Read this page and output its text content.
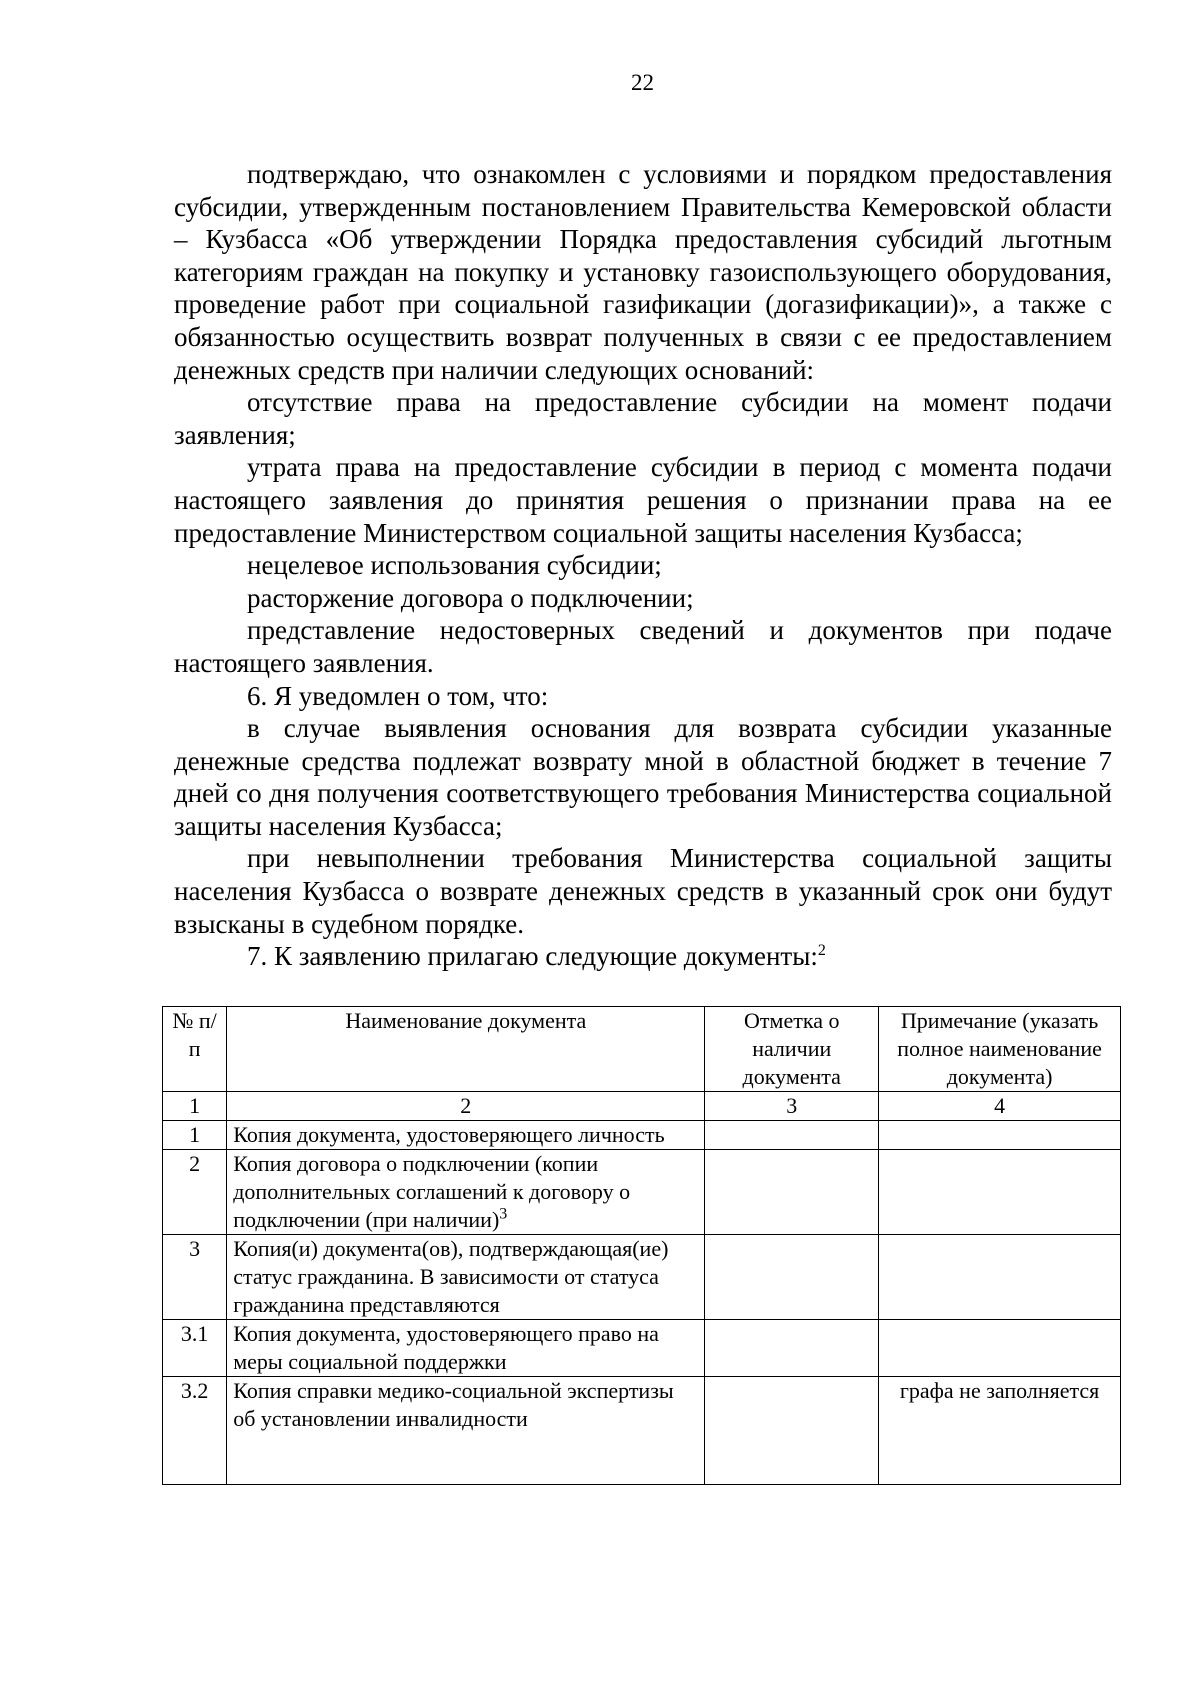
22

подтверждаю, что ознакомлен с условиями и порядком предоставления субсидии, утвержденным постановлением Правительства Кемеровской области – Кузбасса «Об утверждении Порядка предоставления субсидий льготным категориям граждан на покупку и установку газоиспользующего оборудования, проведение работ при социальной газификации (догазификации)», а также с обязанностью осуществить возврат полученных в связи с ее предоставлением денежных средств при наличии следующих оснований:

отсутствие права на предоставление субсидии на момент подачи заявления;

утрата права на предоставление субсидии в период с момента подачи настоящего заявления до принятия решения о признании права на ее предоставление Министерством социальной защиты населения Кузбасса;

нецелевое использования субсидии;

расторжение договора о подключении;

представление недостоверных сведений и документов при подаче настоящего заявления.

6. Я уведомлен о том, что:

в случае выявления основания для возврата субсидии указанные денежные средства подлежат возврату мной в областной бюджет в течение 7 дней со дня получения соответствующего требования Министерства социальной защиты населения Кузбасса;

при невыполнении требования Министерства социальной защиты населения Кузбасса о возврате денежных средств в указанный срок они будут взысканы в судебном порядке.

7. К заявлению прилагаю следующие документы:$^2$
№ п/п	Наименование документа	Отметка о наличии документа	Примечание (указать полное наименование документа)
1	2	3	4
1	Копия документа, удостоверяющего личность		
2	Копия договора о подключении (копии дополнительных соглашений к договору о подключении (при наличии)$^3$		
3	Копия(и) документа(ов), подтверждающая(ие) статус гражданина. В зависимости от статуса гражданина представляются		
3.1	Копия документа, удостоверяющего право на меры социальной поддержки		
3.2	Копия справки медико-социальной экспертизы об установлении инвалидности		графа не заполняется
